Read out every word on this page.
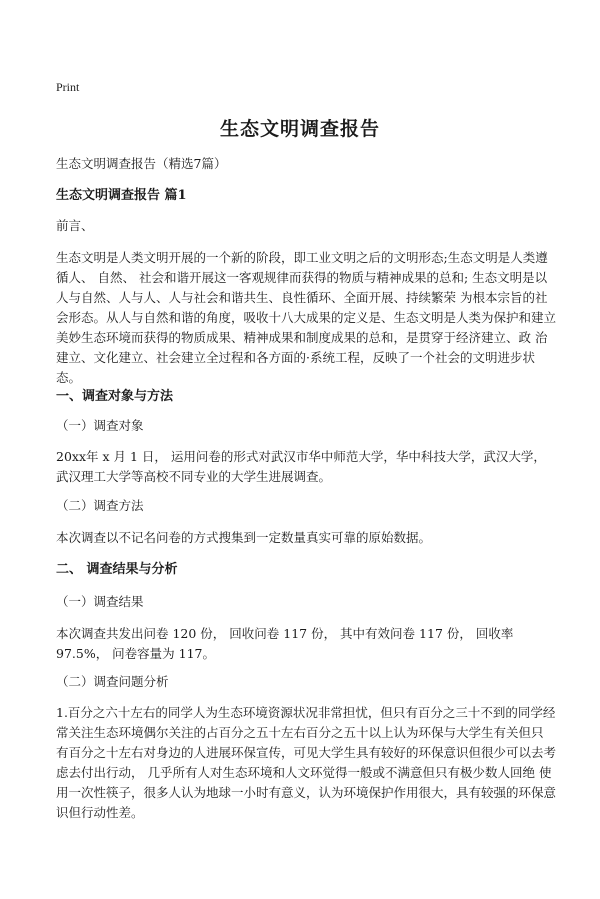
Print
生态文明调查报告

生态文明调查报告（精选7篇）

生态文明调查报告 篇1

前言、

生态文明是人类文明开展的一个新的阶段，即工业文明之后的文明形态;生态文明是人类遵循人、 自然、 社会和谐开展这一客观规律而获得的物质与精神成果的总和; 生态文明是以人与自然、人与人、人与社会和谐共生、良性循环、全面开展、持续繁荣 为根本宗旨的社会形态。从人与自然和谐的角度，吸收十八大成果的定义是、生态文明是人类为保护和建立 美妙生态环境而获得的物质成果、精神成果和制度成果的总和，是贯穿于经济建立、政 治建立、文化建立、社会建立全过程和各方面的·系统工程，反映了一个社会的文明进步状态。

一、调查对象与方法

（一）调查对象

20xx年 x 月 1 日， 运用问卷的形式对武汉市华中师范大学，华中科技大学，武汉大学，武汉理工大学等高校不同专业的大学生进展调查。

（二）调查方法

本次调查以不记名问卷的方式搜集到一定数量真实可靠的原始数据。

二、 调查结果与分析

（一）调查结果

本次调查共发出问卷 120 份， 回收问卷 117 份， 其中有效问卷 117 份， 回收率 97.5%， 问卷容量为 117。

（二）调查问题分析

1.百分之六十左右的同学人为生态环境资源状况非常担忧，但只有百分之三十不到的同学经 常关注生态环境偶尔关注的占百分之五十左右百分之五十以上认为环保与大学生有关但只 有百分之十左右对身边的人进展环保宣传，可见大学生具有较好的环保意识但很少可以去考虑去付出行动， 几乎所有人对生态环境和人文环觉得一般或不满意但只有极少数人回绝 使用一次性筷子，很多人认为地球一小时有意义，认为环境保护作用很大，具有较强的环保意识但行动性差。
